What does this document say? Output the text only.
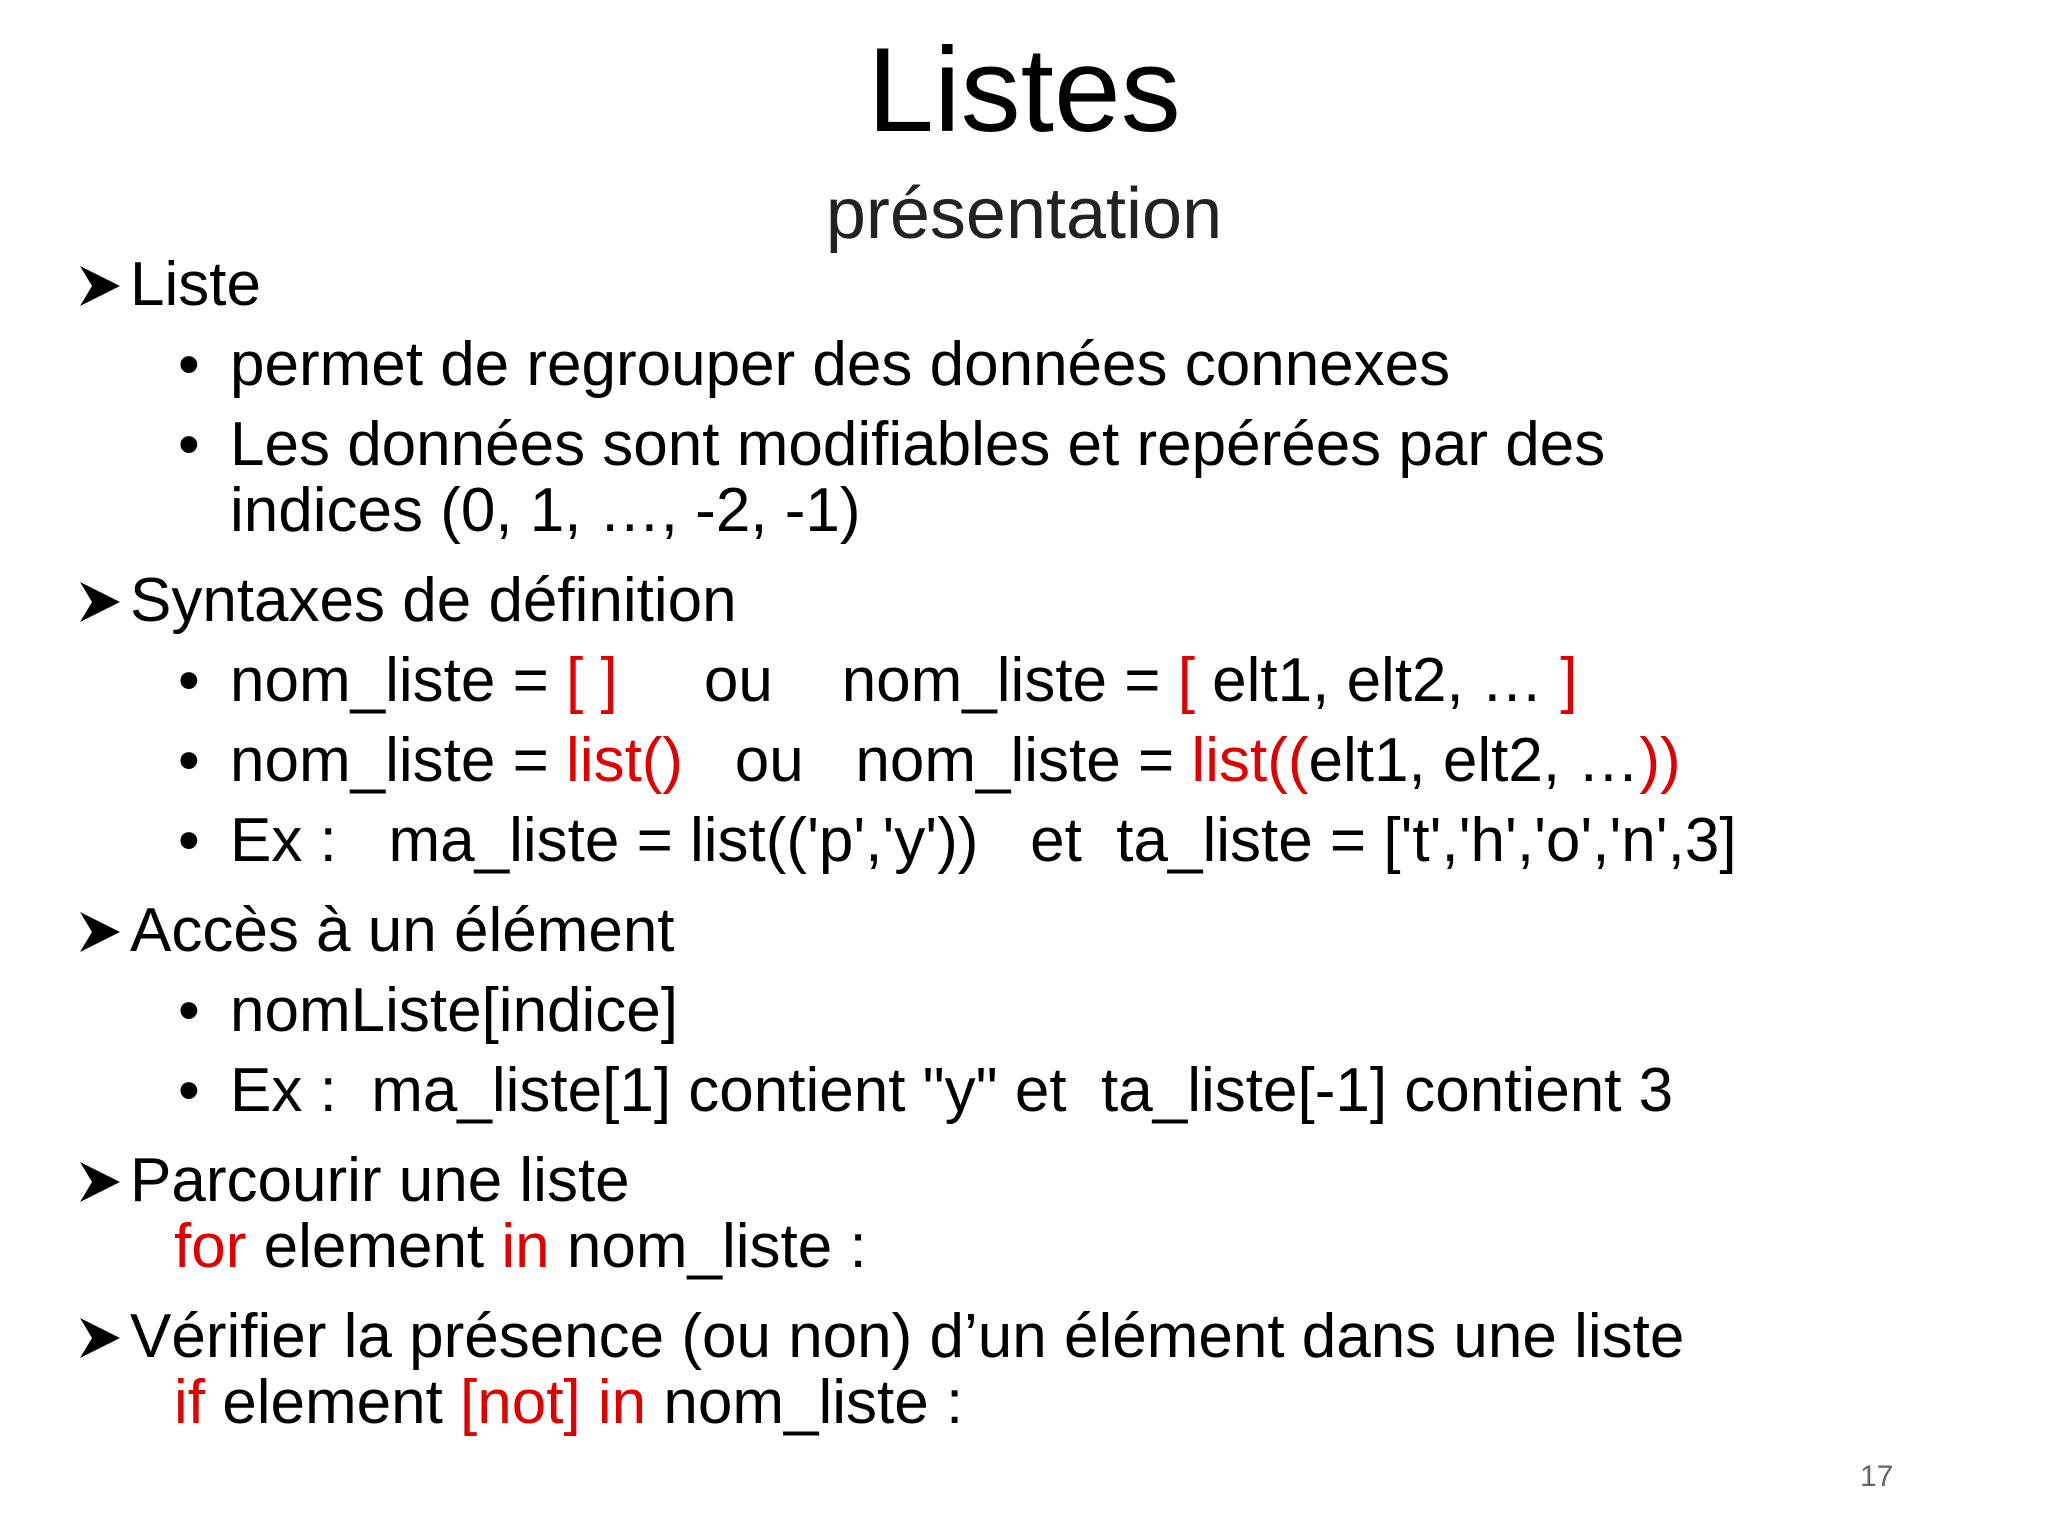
Listes
présentation
Liste
• permet de regrouper des données connexes
• Les données sont modifiables et repérées par des
indices (0, 1, …, -2, -1)
Syntaxes de définition
• nom_liste = [ ]     ou    nom_liste = [ elt1, elt2, … ]
• nom_liste = list()   ou   nom_liste = list((elt1, elt2, …))
• Ex :   ma_liste = list(('p','y'))   et  ta_liste = ['t','h','o','n',3]
Accès à un élément
• nomListe[indice]
• Ex :  ma_liste[1] contient "y" et  ta_liste[-1] contient 3
Parcourir une liste
for element in nom_liste :
Vérifier la présence (ou non) d’un élément dans une liste
if element [not] in nom_liste :
17
